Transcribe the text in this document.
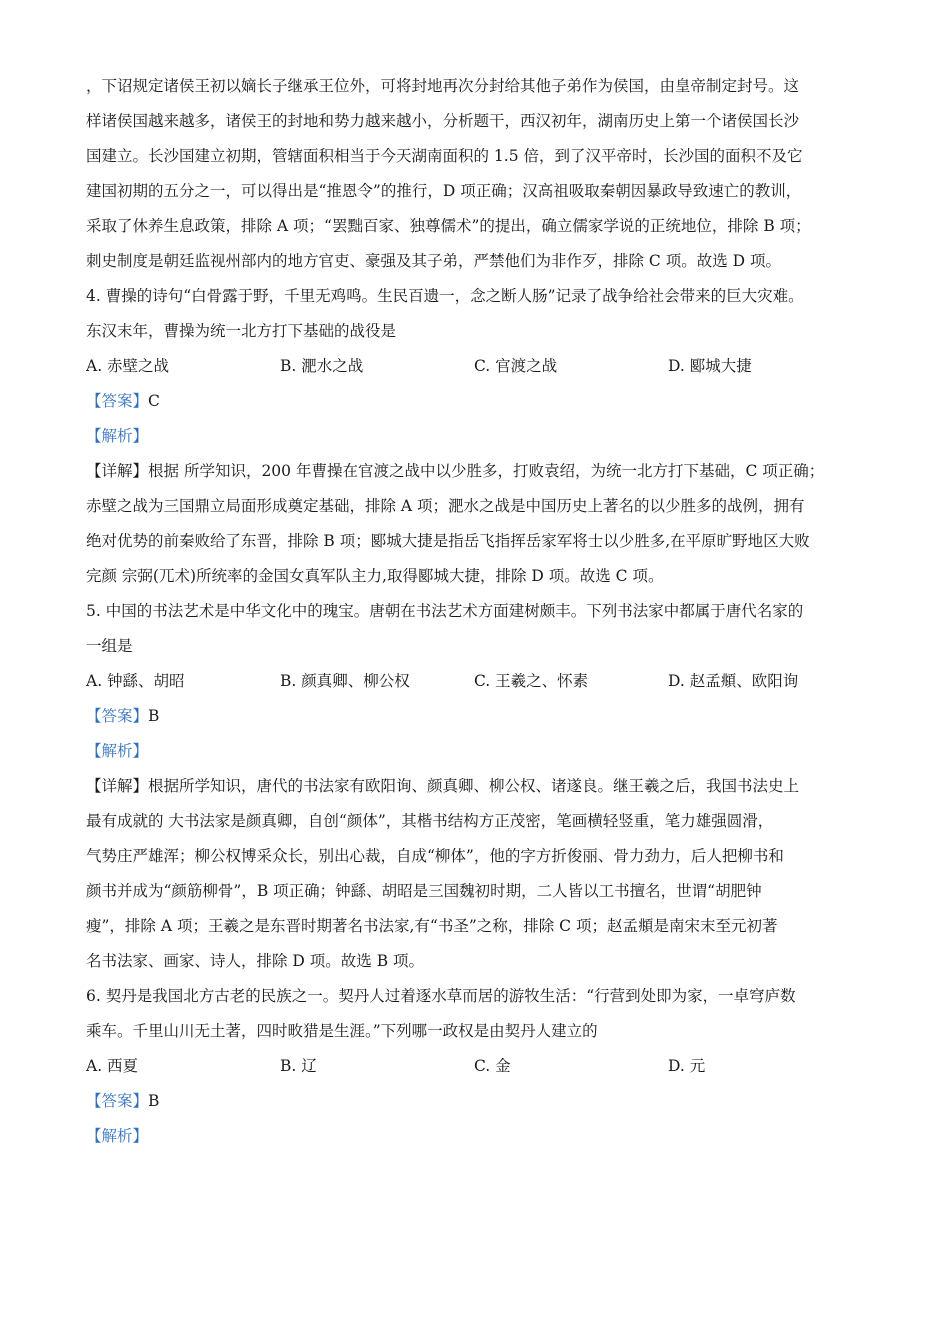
，下诏规定诸侯王初以嫡长子继承王位外，可将封地再次分封给其他子弟作为侯国，由皇帝制定封号。这
样诸侯国越来越多，诸侯王的封地和势力越来越小，分析题干，西汉初年，湖南历史上第一个诸侯国长沙
国建立。长沙国建立初期，管辖面积相当于今天湖南面积的 1.5 倍，到了汉平帝时，长沙国的面积不及它
建国初期的五分之一，可以得出是“推恩令”的推行，D 项正确；汉高祖吸取秦朝因暴政导致速亡的教训，
采取了休养生息政策，排除 A 项；“罢黜百家、独尊儒术”的提出，确立儒家学说的正统地位，排除 B 项；
刺史制度是朝廷监视州部内的地方官吏、豪强及其子弟，严禁他们为非作歹，排除 C 项。故选 D 项。
4. 曹操的诗句“白骨露于野，千里无鸡鸣。生民百遗一，念之断人肠”记录了战争给社会带来的巨大灾难。
东汉末年，曹操为统一北方打下基础的战役是
A. 赤壁之战	B. 淝水之战	C. 官渡之战	D. 郾城大捷
【答案】C
【解析】
【详解】根据 所学知识，200 年曹操在官渡之战中以少胜多，打败袁绍，为统一北方打下基础，C 项正确；
赤壁之战为三国鼎立局面形成奠定基础，排除 A 项；淝水之战是中国历史上著名的以少胜多的战例，拥有
绝对优势的前秦败给了东晋，排除 B 项；郾城大捷是指岳飞指挥岳家军将士以少胜多,在平原旷野地区大败
完颜 宗弼(兀术)所统率的金国女真军队主力,取得郾城大捷，排除 D 项。故选 C 项。
5. 中国的书法艺术是中华文化中的瑰宝。唐朝在书法艺术方面建树颇丰。下列书法家中都属于唐代名家的
一组是
A. 钟繇、胡昭	B. 颜真卿、柳公权	C. 王羲之、怀素	D. 赵孟頫、欧阳询
【答案】B
【解析】
【详解】根据所学知识，唐代的书法家有欧阳询、颜真卿、柳公权、诸遂良。继王羲之后，我国书法史上
最有成就的 大书法家是颜真卿，自创“颜体”，其楷书结构方正茂密，笔画横轻竖重，笔力雄强圆滑，
气势庄严雄浑；柳公权博采众长，别出心裁，自成“柳体”，他的字方折俊丽、骨力劲力，后人把柳书和
颜书并成为“颜筋柳骨”，B 项正确；钟繇、胡昭是三国魏初时期，二人皆以工书擅名，世谓“胡肥钟
瘦”，排除 A 项；王羲之是东晋时期著名书法家,有“书圣”之称，排除 C 项；赵孟頫是南宋末至元初著
名书法家、画家、诗人，排除 D 项。故选 B 项。
6. 契丹是我国北方古老的民族之一。契丹人过着逐水草而居的游牧生活：“行营到处即为家，一卓穹庐数
乘车。千里山川无土著，四时畋猎是生涯。”下列哪一政权是由契丹人建立的
A. 西夏	B. 辽	C. 金	D. 元
【答案】B
【解析】
